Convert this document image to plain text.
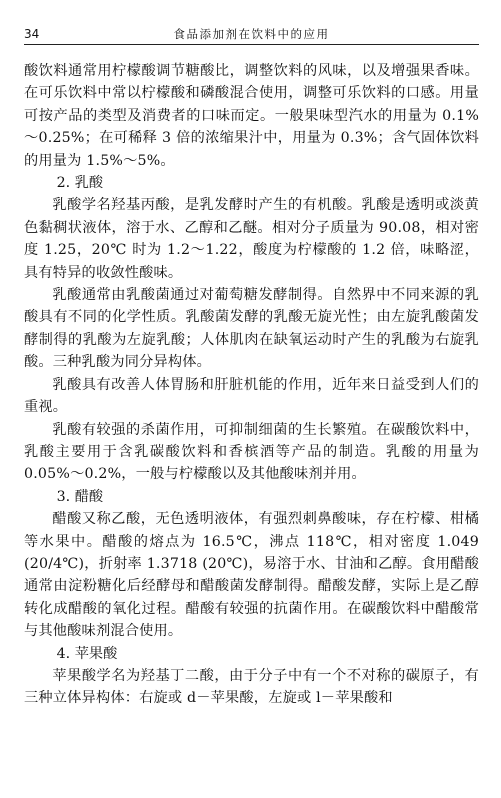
34	食品添加剂在饮料中的应用

酸饮料通常用柠檬酸调节糖酸比，调整饮料的风味，以及增强果香味。在可乐饮料中常以柠檬酸和磷酸混合使用，调整可乐饮料的口感。用量可按产品的类型及消费者的口味而定。一般果味型汽水的用量为 0.1%～0.25%；在可稀释 3 倍的浓缩果汁中，用量为 0.3%；含气固体饮料的用量为 1.5%～5%。

2. 乳酸

乳酸学名羟基丙酸，是乳发酵时产生的有机酸。乳酸是透明或淡黄色黏稠状液体，溶于水、乙醇和乙醚。相对分子质量为 90.08，相对密度 1.25，20℃ 时为 1.2～1.22，酸度为柠檬酸的 1.2 倍，味略涩，具有特异的收敛性酸味。

乳酸通常由乳酸菌通过对葡萄糖发酵制得。自然界中不同来源的乳酸具有不同的化学性质。乳酸菌发酵的乳酸无旋光性；由左旋乳酸菌发酵制得的乳酸为左旋乳酸；人体肌肉在缺氧运动时产生的乳酸为右旋乳酸。三种乳酸为同分异构体。

乳酸具有改善人体胃肠和肝脏机能的作用，近年来日益受到人们的重视。

乳酸有较强的杀菌作用，可抑制细菌的生长繁殖。在碳酸饮料中，乳酸主要用于含乳碳酸饮料和香槟酒等产品的制造。乳酸的用量为 0.05%～0.2%，一般与柠檬酸以及其他酸味剂并用。

3. 醋酸

醋酸又称乙酸，无色透明液体，有强烈刺鼻酸味，存在柠檬、柑橘等水果中。醋酸的熔点为 16.5℃，沸点 118℃，相对密度 1.049 (20/4℃)，折射率 1.3718 (20℃)，易溶于水、甘油和乙醇。食用醋酸通常由淀粉糖化后经酵母和醋酸菌发酵制得。醋酸发酵，实际上是乙醇转化成醋酸的氧化过程。醋酸有较强的抗菌作用。在碳酸饮料中醋酸常与其他酸味剂混合使用。

4. 苹果酸

苹果酸学名为羟基丁二酸，由于分子中有一个不对称的碳原子，有三种立体异构体：右旋或 d－苹果酸，左旋或 l－苹果酸和
